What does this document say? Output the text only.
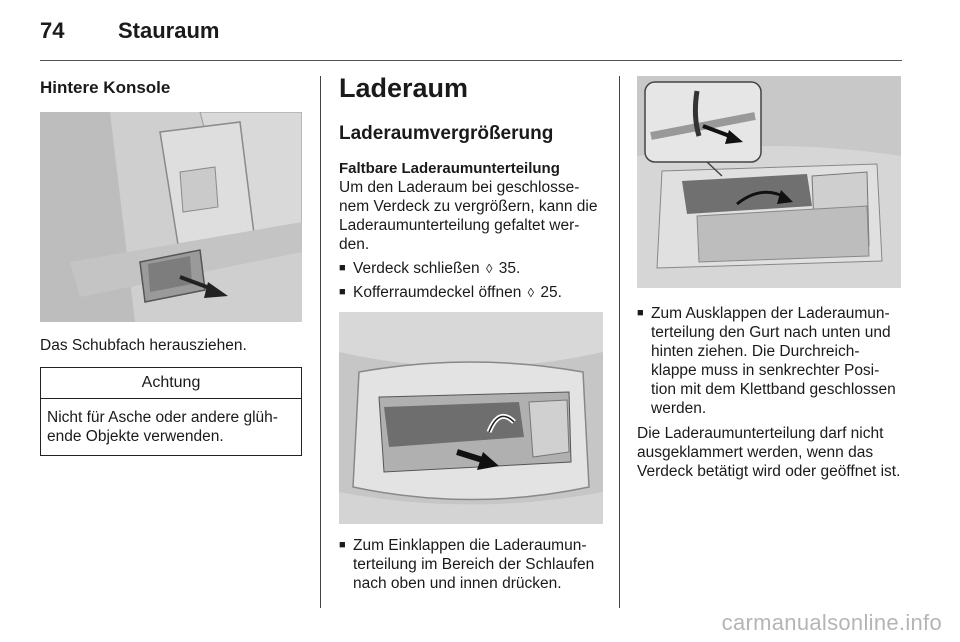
74	Stauraum
Hintere Konsole

Das Schubfach herausziehen.

Achtung
Nicht für Asche oder andere glüh-ende Objekte verwenden.
Laderaum
Laderaumvergrößerung
Faltbare Laderaumunterteilung

Um den Laderaum bei geschlosse-nem Verdeck zu vergrößern, kann die Laderaumunterteilung gefaltet wer-den.

■ Verdeck schließen ◊ 35.
■ Kofferraumdeckel öffnen ◊ 25.
■ Zum Einklappen die Laderaumun-terteilung im Bereich der Schlaufen nach oben und innen drücken.
■ Zum Ausklappen der Laderaumun-terteilung den Gurt nach unten und hinten ziehen. Die Durchreich-klappe muss in senkrechter Posi-tion mit dem Klettband geschlossen werden.

Die Laderaumunterteilung darf nicht ausgeklammert werden, wenn das Verdeck betätigt wird oder geöffnet ist.

carmanualsonline.info
